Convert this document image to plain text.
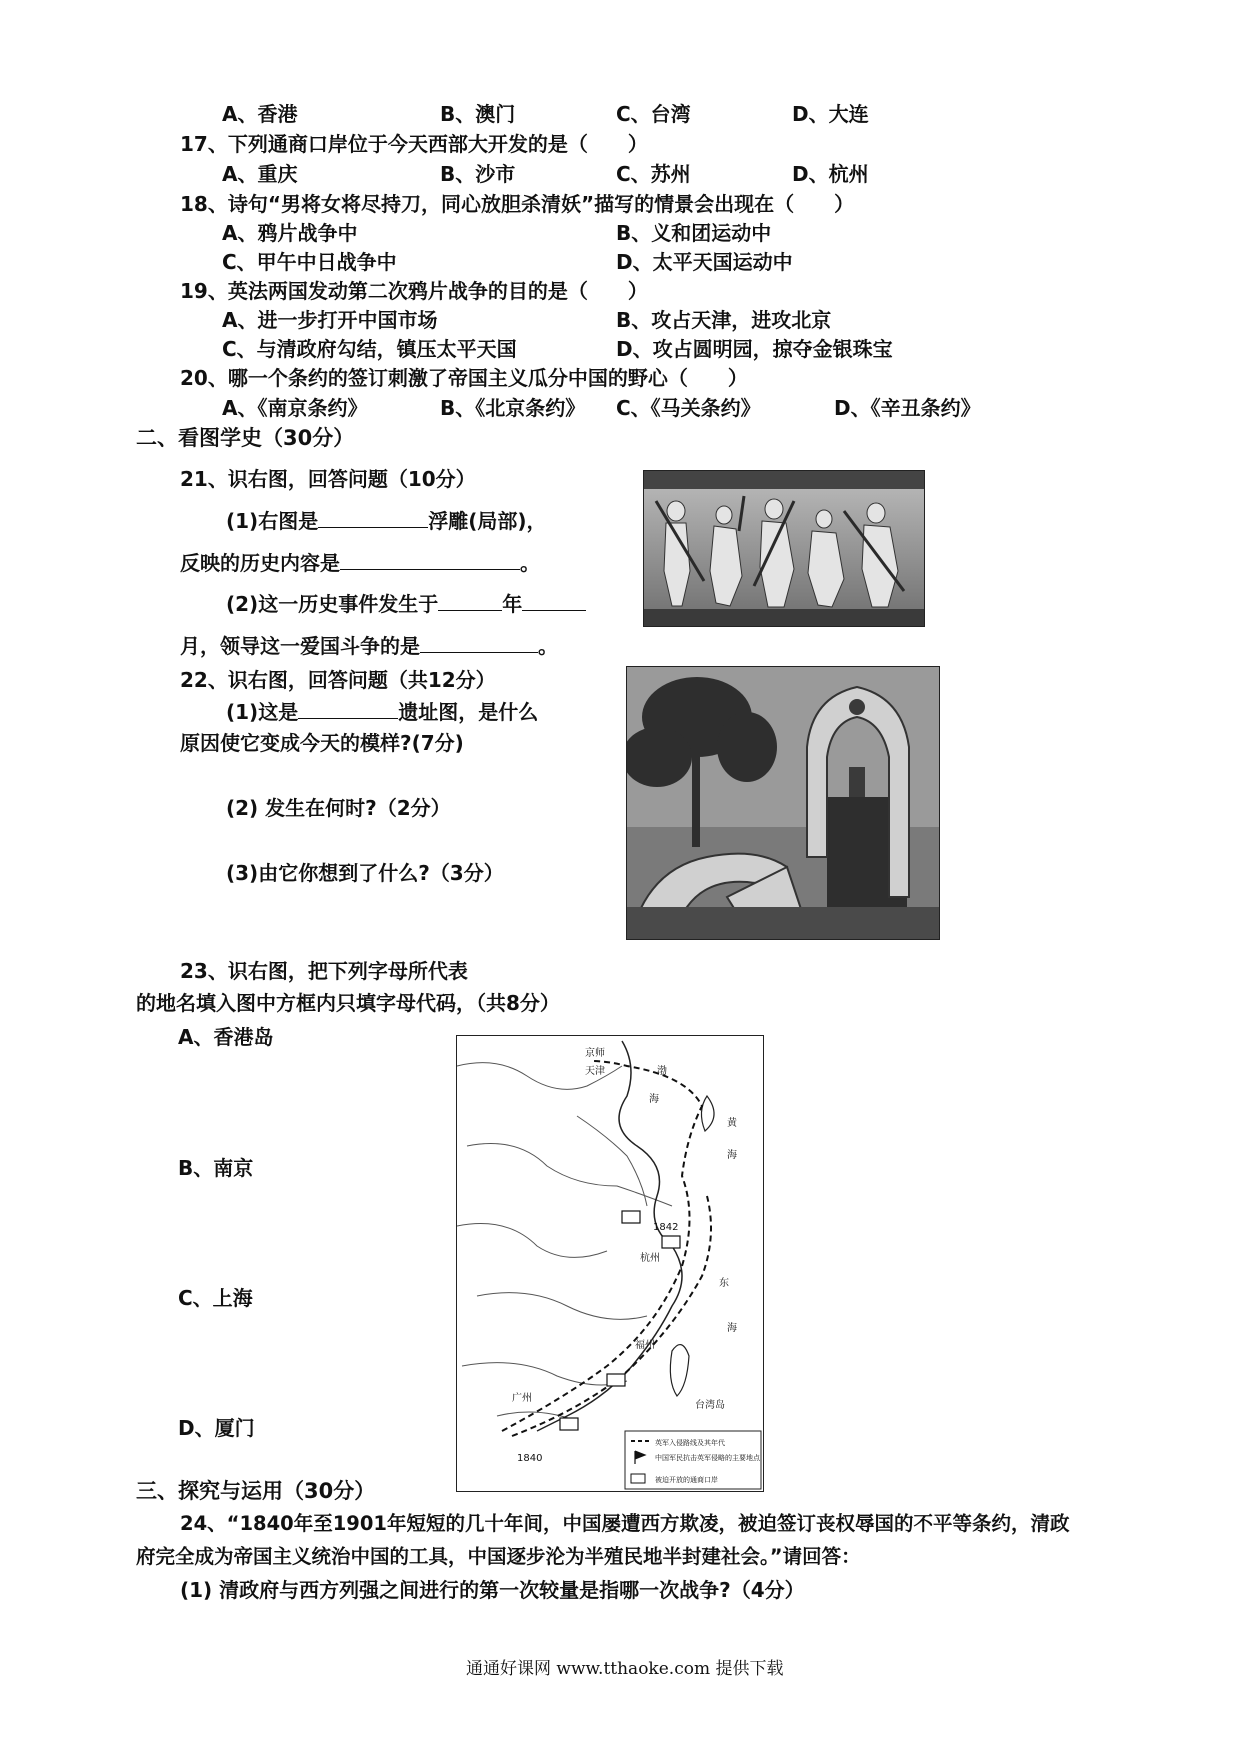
A、香港	B、澳门	C、台湾	D、大连
17、下列通商口岸位于今天西部大开发的是（　　）
A、重庆	B、沙市	C、苏州	D、杭州
18、诗句“男将女将尽持刀，同心放胆杀清妖”描写的情景会出现在（　　）
A、鸦片战争中	B、义和团运动中
C、甲午中日战争中	D、太平天国运动中
19、英法两国发动第二次鸦片战争的目的是（　　）
A、进一步打开中国市场	B、攻占天津，进攻北京
C、与清政府勾结，镇压太平天国	D、攻占圆明园，掠夺金银珠宝
20、哪一个条约的签订刺激了帝国主义瓜分中国的野心（　　）
A、《南京条约》	B、《北京条约》 C、《马关条约》	D、《辛丑条约》
二、看图学史（30分）
21、识右图，回答问题（10分）
(1)右图是	浮雕(局部)，
反映的历史内容是	。
(2)这一历史事件发生于	年
月，领导这一爱国斗争的是	。
22、识右图，回答问题（共12分）
(1)这是	遗址图，是什么
原因使它变成今天的模样?(7分)
(2) 发生在何时?（2分）
(3)由它你想到了什么?（3分）
23、识右图，把下列字母所代表
的地名填入图中方框内只填字母代码，（共8分）
A、香港岛
B、南京
C、上海
D、厦门
京师
天津	渤
海
黄
海
1842
杭州
东
海
福州
广州
台湾岛
1840
英军入侵路线及其年代
中国军民抗击英军侵略的主要地点
被迫开放的通商口岸
三、探究与运用（30分）
24、“1840年至1901年短短的几十年间，中国屡遭西方欺凌，被迫签订丧权辱国的不平等条约，清政
府完全成为帝国主义统治中国的工具，中国逐步沦为半殖民地半封建社会。”请回答：
(1) 清政府与西方列强之间进行的第一次较量是指哪一次战争?（4分）
通通好课网 www.tthaoke.com 提供下载
